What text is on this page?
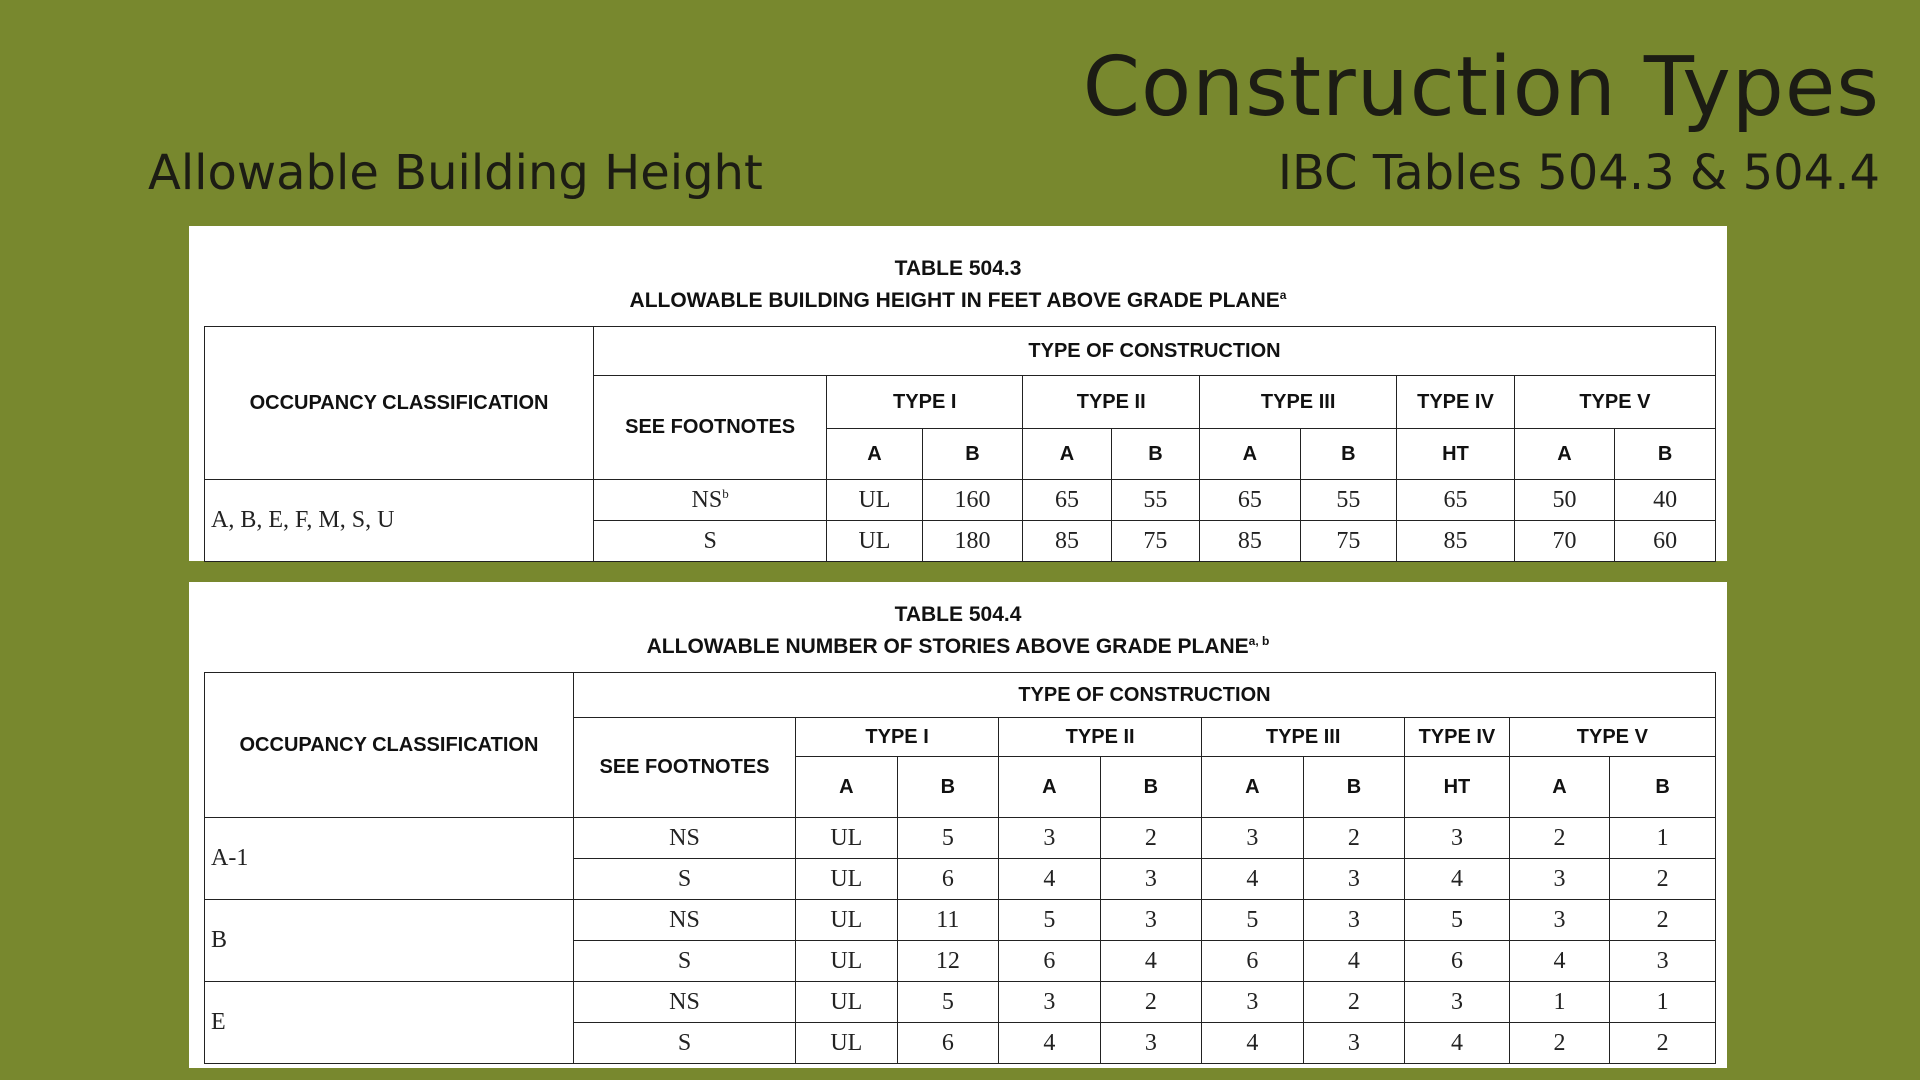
Construction Types
Allowable Building Height	IBC Tables 504.3 & 504.4
TABLE 504.3
ALLOWABLE BUILDING HEIGHT IN FEET ABOVE GRADE PLANE$^a$
OCCUPANCY CLASSIFICATION	TYPE OF CONSTRUCTION									
	SEE FOOTNOTES	TYPE I		TYPE II		TYPE III		TYPE IV	TYPE V	
		A	B	A	B	A	B	HT	A	B
A, B, E, F, M, S, U	$NS^b$	UL	160	65	55	65	55	65	50	40
	S	UL	180	85	75	85	75	85	70	60
TABLE 504.4
ALLOWABLE NUMBER OF STORIES ABOVE GRADE PLANE$^{a, b}$
OCCUPANCY CLASSIFICATION	TYPE OF CONSTRUCTION									
	SEE FOOTNOTES	TYPE I		TYPE II		TYPE III		TYPE IV	TYPE V	
		A	B	A	B	A	B	HT	A	B
A-1	NS	UL	5	3	2	3	2	3	2	1
	S	UL	6	4	3	4	3	4	3	2
B	NS	UL	11	5	3	5	3	5	3	2
	S	UL	12	6	4	6	4	6	4	3
E	NS	UL	5	3	2	3	2	3	1	1
	S	UL	6	4	3	4	3	4	2	2
